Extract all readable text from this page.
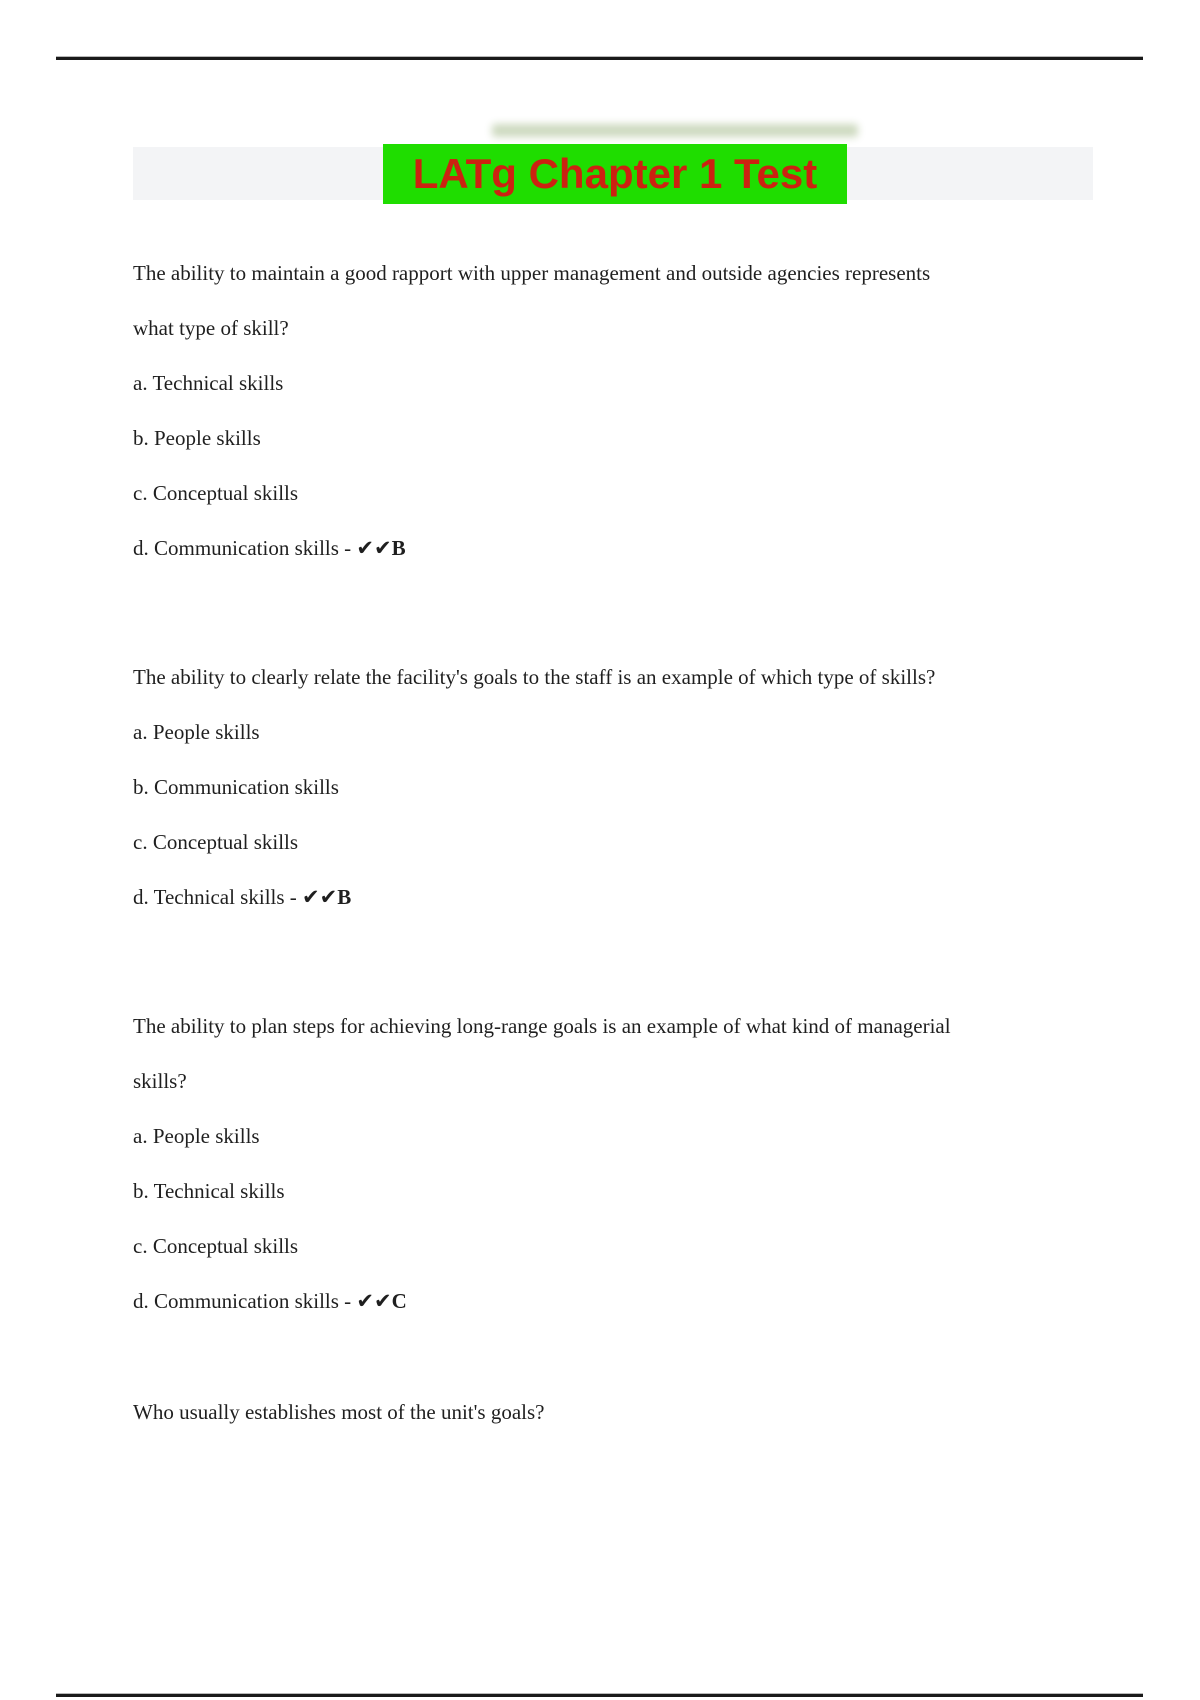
LATg Chapter 1 Test

The ability to maintain a good rapport with upper management and outside agencies represents

what type of skill?

a. Technical skills

b. People skills

c. Conceptual skills

d. Communication skills - ✔✔B

The ability to clearly relate the facility's goals to the staff is an example of which type of skills?

a. People skills

b. Communication skills

c. Conceptual skills

d. Technical skills - ✔✔B

The ability to plan steps for achieving long-range goals is an example of what kind of managerial

skills?

a. People skills

b. Technical skills

c. Conceptual skills

d. Communication skills - ✔✔C

Who usually establishes most of the unit's goals?
